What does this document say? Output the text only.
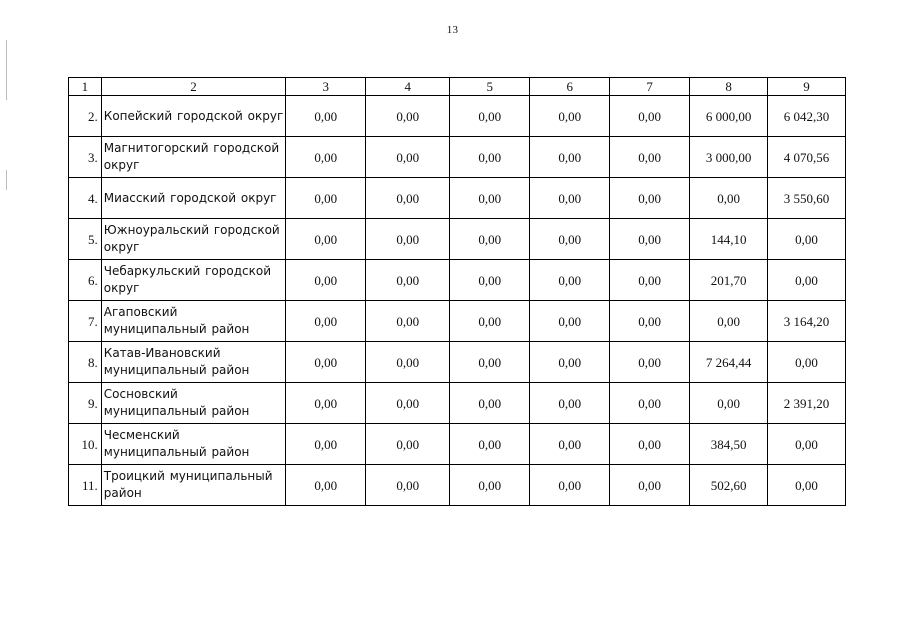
13
1	2	3	4	5	6	7	8	9
2.	Копейский городской округ	0,00	0,00	0,00	0,00	0,00	6 000,00	6 042,30
3.	Магнитогорский городской округ	0,00	0,00	0,00	0,00	0,00	3 000,00	4 070,56
4.	Миасский городской округ	0,00	0,00	0,00	0,00	0,00	0,00	3 550,60
5.	Южноуральский городской округ	0,00	0,00	0,00	0,00	0,00	144,10	0,00
6.	Чебаркульский городской округ	0,00	0,00	0,00	0,00	0,00	201,70	0,00
7.	Агаповский муниципальный район	0,00	0,00	0,00	0,00	0,00	0,00	3 164,20
8.	Катав-Ивановский муниципальный район	0,00	0,00	0,00	0,00	0,00	7 264,44	0,00
9.	Сосновский муниципальный район	0,00	0,00	0,00	0,00	0,00	0,00	2 391,20
10.	Чесменский муниципальный район	0,00	0,00	0,00	0,00	0,00	384,50	0,00
11.	Троицкий муниципальный район	0,00	0,00	0,00	0,00	0,00	502,60	0,00
